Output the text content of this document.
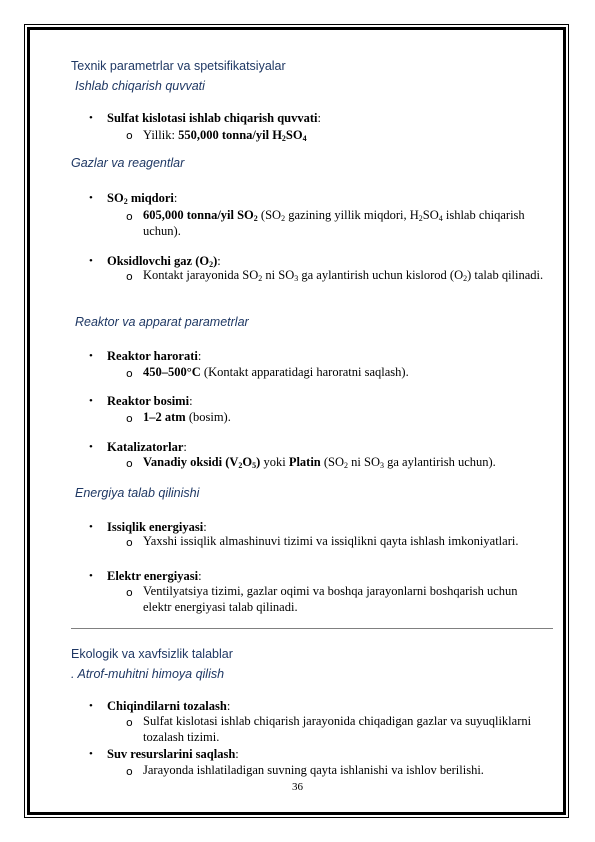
Texnik parametrlar va spetsifikatsiyalar
Ishlab chiqarish quvvati
• Sulfat kislotasi ishlab chiqarish quvvati:
o Yillik: 550,000 tonna/yil $H_2SO_4$
Gazlar va reagentlar
• $SO_2$ miqdori:
o 605,000 tonna/yil $SO_2$ ($SO_2$ gazining yillik miqdori, $H_2SO_4$ ishlab chiqarish uchun).
• Oksidlovchi gaz $(O_2)$:
o Kontakt jarayonida $SO_2$ ni $SO_3$ ga aylantirish uchun kislorod $(O_2)$ talab qilinadi.
Reaktor va apparat parametrlar
• Reaktor harorati:
o 450–500°C (Kontakt apparatidagi haroratni saqlash).
• Reaktor bosimi:
o 1–2 atm (bosim).
• Katalizatorlar:
o Vanadiy oksidi $(V_2O_5)$ yoki Platin ($SO_2$ ni $SO_3$ ga aylantirish uchun).
Energiya talab qilinishi
• Issiqlik energiyasi:
o Yaxshi issiqlik almashinuvi tizimi va issiqlikni qayta ishlash imkoniyatlari.
• Elektr energiyasi:
o Ventilyatsiya tizimi, gazlar oqimi va boshqa jarayonlarni boshqarish uchun elektr energiyasi talab qilinadi.
Ekologik va xavfsizlik talablar
. Atrof-muhitni himoya qilish
• Chiqindilarni tozalash:
o Sulfat kislotasi ishlab chiqarish jarayonida chiqadigan gazlar va suyuqliklarni tozalash tizimi.
• Suv resurslarini saqlash:
o Jarayonda ishlatiladigan suvning qayta ishlanishi va ishlov berilishi.
36
